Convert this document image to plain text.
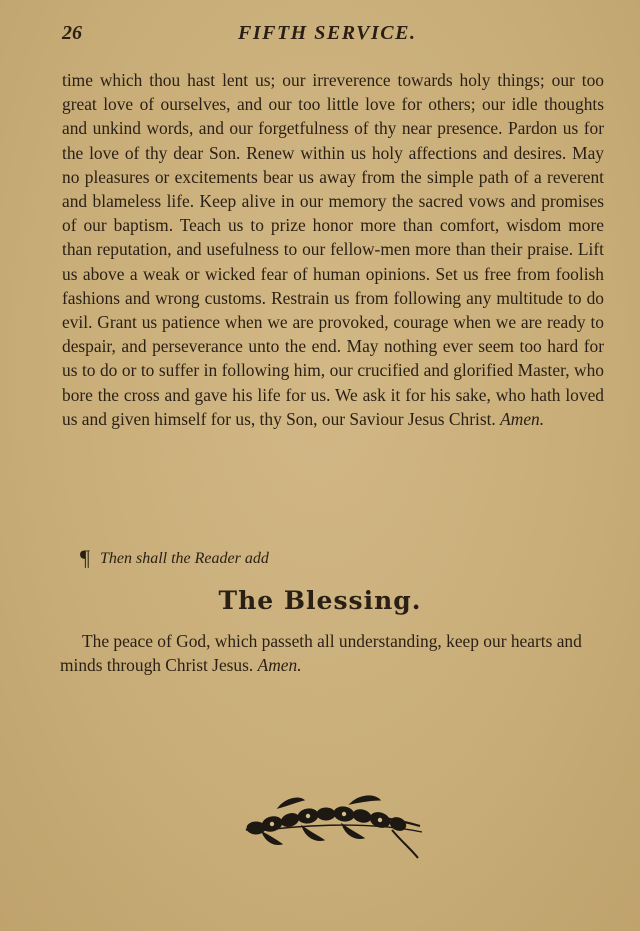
26	FIFTH SERVICE.

time which thou hast lent us; our irreverence towards holy things; our too great love of ourselves, and our too little love for others; our idle thoughts and unkind words, and our forgetfulness of thy near presence. Pardon us for the love of thy dear Son. Renew within us holy affections and desires. May no pleasures or excitements bear us away from the simple path of a reverent and blameless life. Keep alive in our memory the sacred vows and promises of our baptism. Teach us to prize honor more than comfort, wisdom more than reputation, and usefulness to our fellow-men more than their praise. Lift us above a weak or wicked fear of human opinions. Set us free from foolish fashions and wrong customs. Restrain us from following any multitude to do evil. Grant us patience when we are provoked, courage when we are ready to despair, and perseverance unto the end. May nothing ever seem too hard for us to do or to suffer in following him, our crucified and glorified Master, who bore the cross and gave his life for us. We ask it for his sake, who hath loved us and given himself for us, thy Son, our Saviour Jesus Christ. Amen.

¶ Then shall the Reader add
The Blessing.

The peace of God, which passeth all understanding, keep our hearts and minds through Christ Jesus. Amen.
